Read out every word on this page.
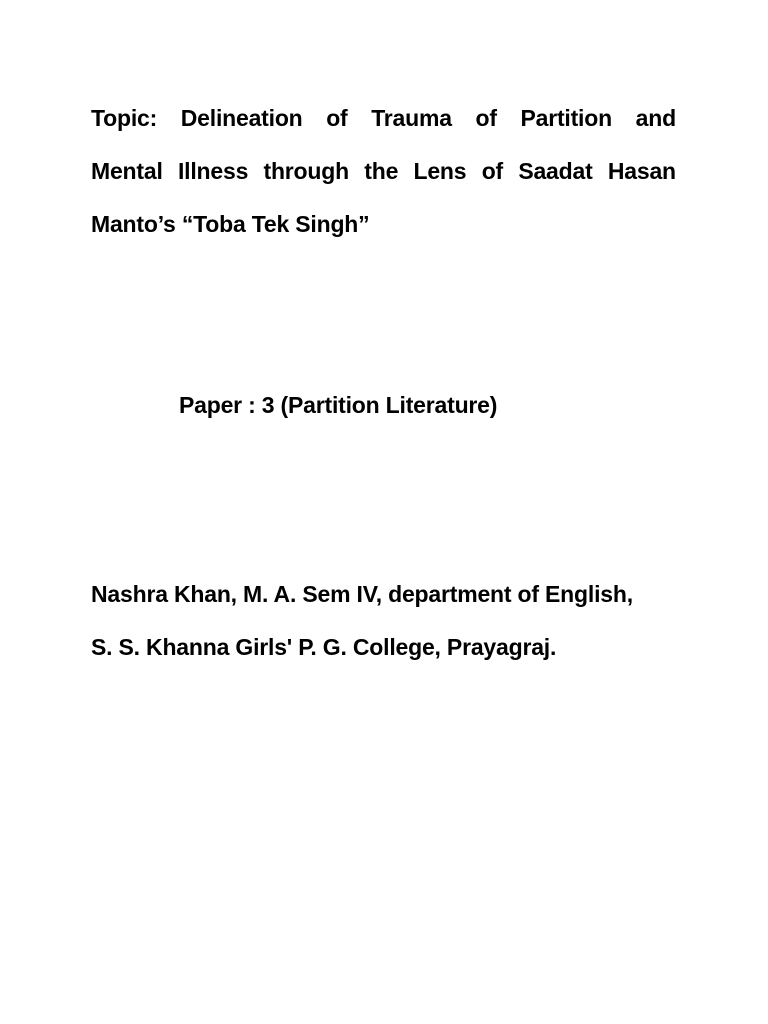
Topic: Delineation of Trauma of Partition and
Mental Illness through the Lens of Saadat Hasan
Manto’s “Toba Tek Singh”

Paper : 3 (Partition Literature)

Nashra Khan, M. A. Sem IV, department of English,
S. S. Khanna Girls' P. G. College, Prayagraj.
